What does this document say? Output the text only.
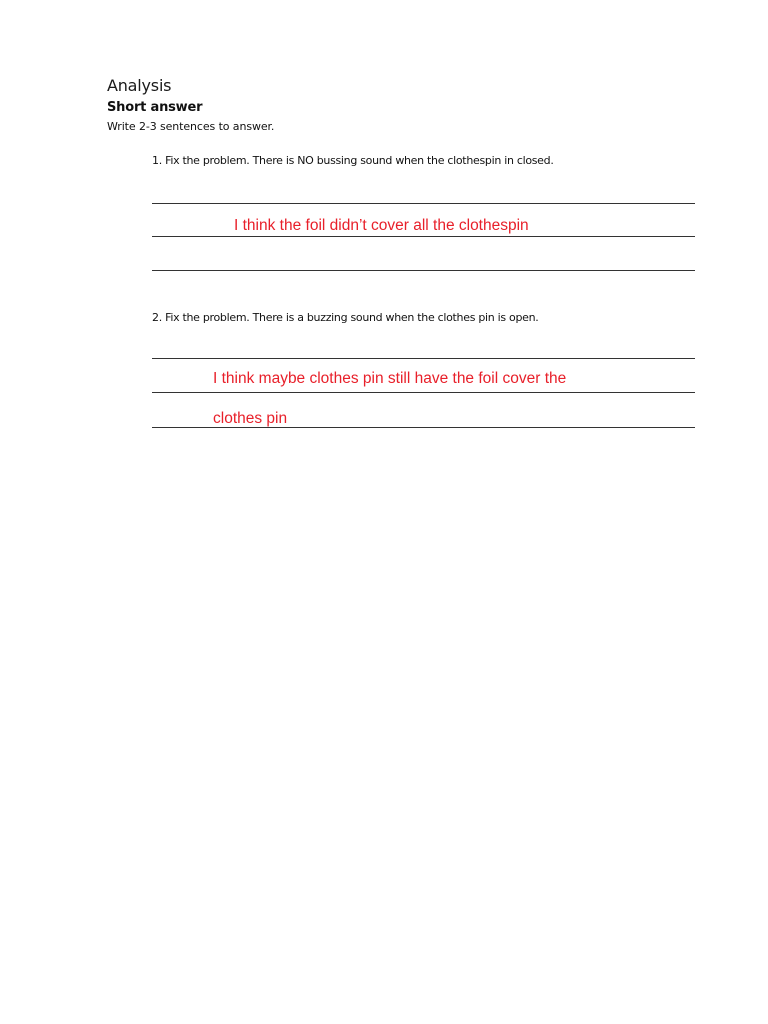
Analysis
Short answer
Write 2-3 sentences to answer.
1. Fix the problem. There is NO bussing sound when the clothespin in closed.
I think the foil didn’t cover all the clothespin
2. Fix the problem. There is a buzzing sound when the clothes pin is open.
I think maybe clothes pin still have the foil cover the
clothes pin
